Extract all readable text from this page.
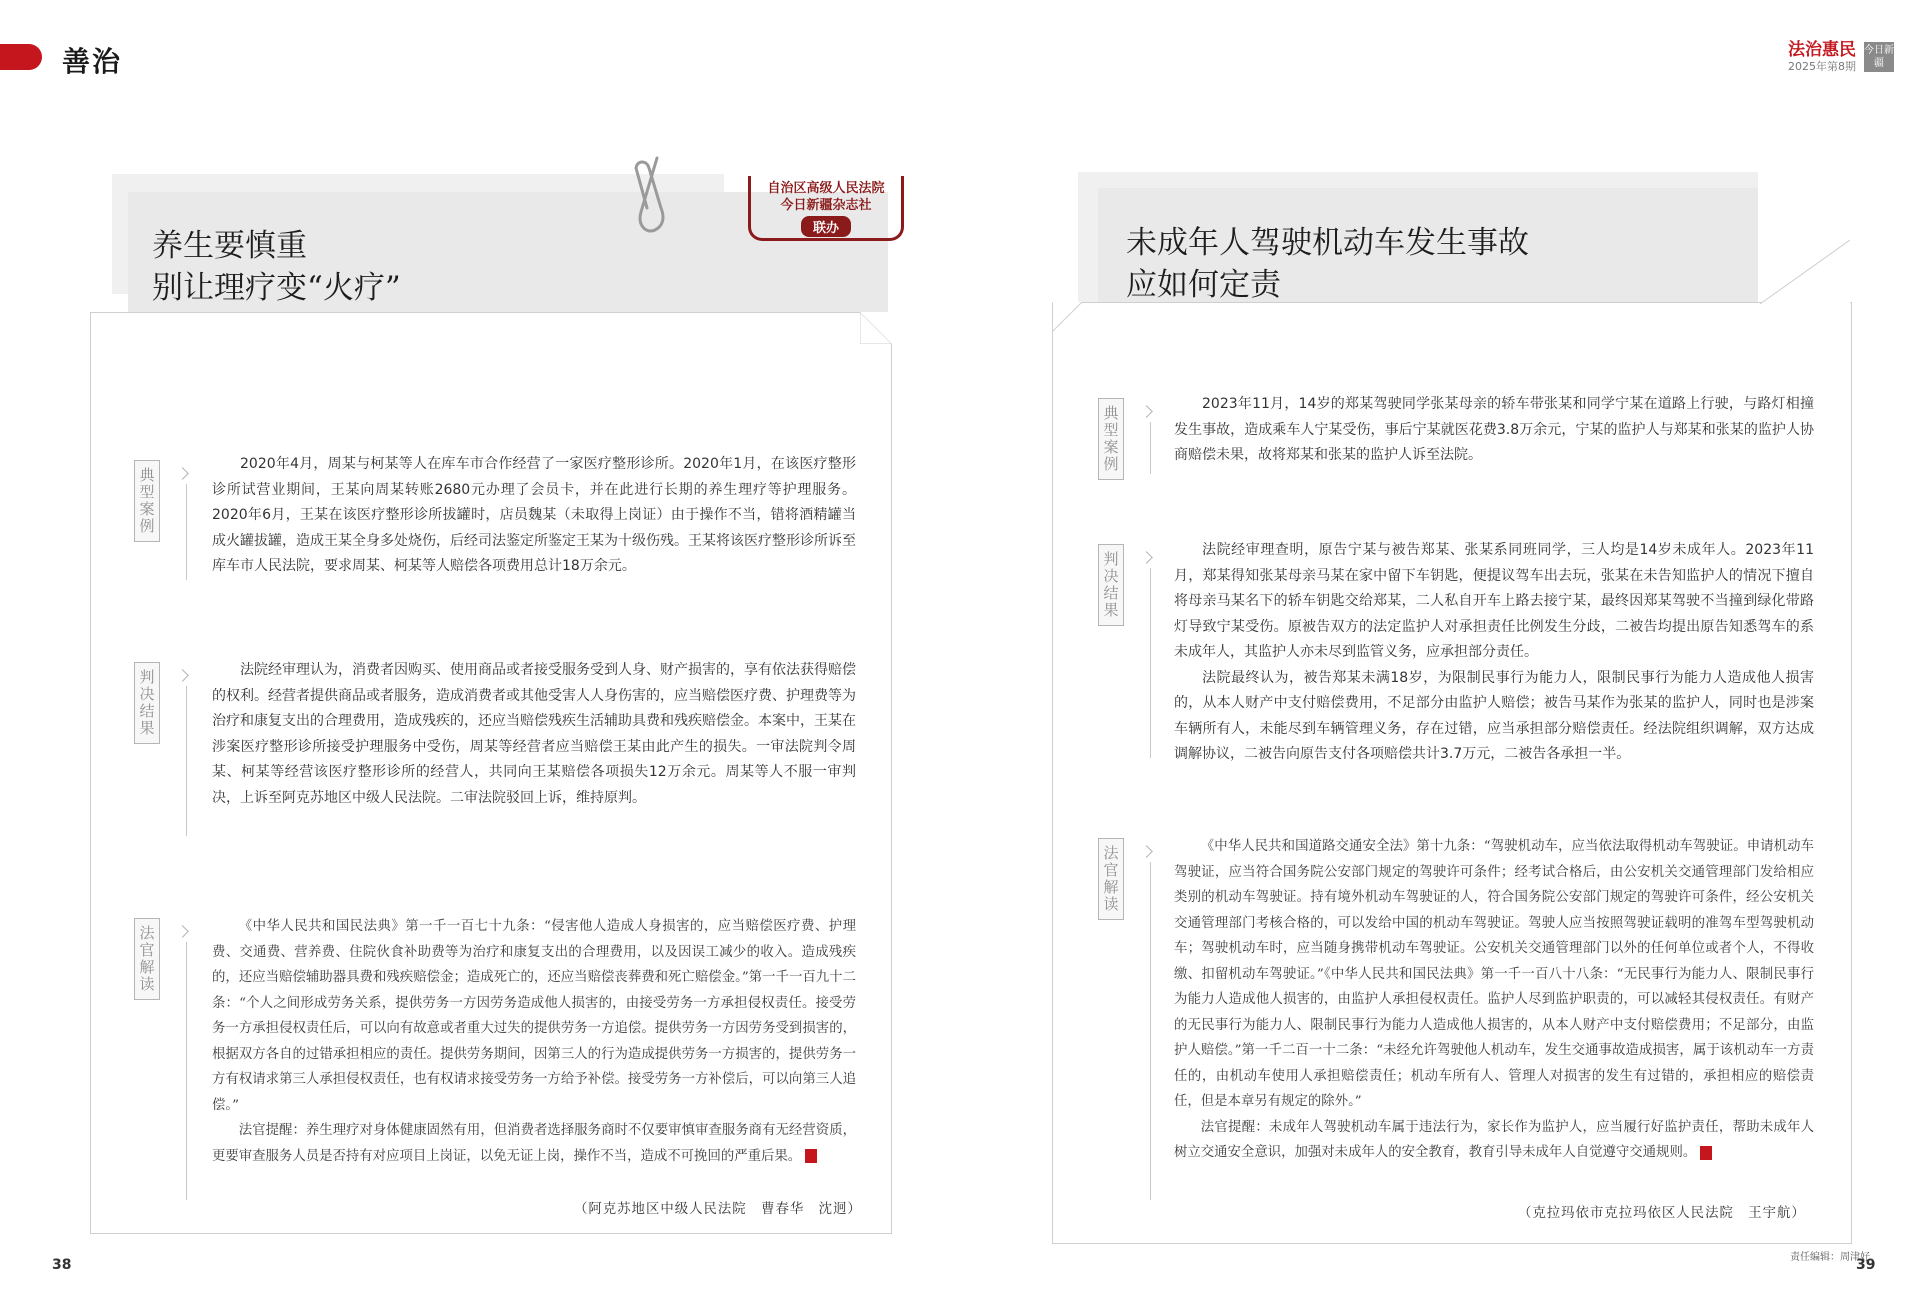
善治	法治惠民
2025年第8期
今日新疆
养生要慎重
别让理疗变“火疗”
自治区高级人民法院
今日新疆杂志社
联办
典型案例
判决结果
法官解读

2020年4月，周某与柯某等人在库车市合作经营了一家医疗整形诊所。2020年1月，在该医疗整形诊所试营业期间，王某向周某转账2680元办理了会员卡，并在此进行长期的养生理疗等护理服务。2020年6月，王某在该医疗整形诊所拔罐时，店员魏某（未取得上岗证）由于操作不当，错将酒精罐当成火罐拔罐，造成王某全身多处烧伤，后经司法鉴定所鉴定王某为十级伤残。王某将该医疗整形诊所诉至库车市人民法院，要求周某、柯某等人赔偿各项费用总计18万余元。

法院经审理认为，消费者因购买、使用商品或者接受服务受到人身、财产损害的，享有依法获得赔偿的权利。经营者提供商品或者服务，造成消费者或其他受害人人身伤害的，应当赔偿医疗费、护理费等为治疗和康复支出的合理费用，造成残疾的，还应当赔偿残疾生活辅助具费和残疾赔偿金。本案中，王某在涉案医疗整形诊所接受护理服务中受伤，周某等经营者应当赔偿王某由此产生的损失。一审法院判令周某、柯某等经营该医疗整形诊所的经营人，共同向王某赔偿各项损失12万余元。周某等人不服一审判决，上诉至阿克苏地区中级人民法院。二审法院驳回上诉，维持原判。

《中华人民共和国民法典》第一千一百七十九条：“侵害他人造成人身损害的，应当赔偿医疗费、护理费、交通费、营养费、住院伙食补助费等为治疗和康复支出的合理费用，以及因误工减少的收入。造成残疾的，还应当赔偿辅助器具费和残疾赔偿金；造成死亡的，还应当赔偿丧葬费和死亡赔偿金。”第一千一百九十二条：“个人之间形成劳务关系，提供劳务一方因劳务造成他人损害的，由接受劳务一方承担侵权责任。接受劳务一方承担侵权责任后，可以向有故意或者重大过失的提供劳务一方追偿。提供劳务一方因劳务受到损害的，根据双方各自的过错承担相应的责任。提供劳务期间，因第三人的行为造成提供劳务一方损害的，提供劳务一方有权请求第三人承担侵权责任，也有权请求接受劳务一方给予补偿。接受劳务一方补偿后，可以向第三人追偿。”

法官提醒：养生理疗对身体健康固然有用，但消费者选择服务商时不仅要审慎审查服务商有无经营资质，更要审查服务人员是否持有对应项目上岗证，以免无证上岗，操作不当，造成不可挽回的严重后果。

（阿克苏地区中级人民法院　曹春华　沈迥）
38
未成年人驾驶机动车发生事故
应如何定责
典型案例
判决结果
法官解读

2023年11月，14岁的郑某驾驶同学张某母亲的轿车带张某和同学宁某在道路上行驶，与路灯相撞发生事故，造成乘车人宁某受伤，事后宁某就医花费3.8万余元，宁某的监护人与郑某和张某的监护人协商赔偿未果，故将郑某和张某的监护人诉至法院。

法院经审理查明，原告宁某与被告郑某、张某系同班同学，三人均是14岁未成年人。2023年11月，郑某得知张某母亲马某在家中留下车钥匙，便提议驾车出去玩，张某在未告知监护人的情况下擅自将母亲马某名下的轿车钥匙交给郑某，二人私自开车上路去接宁某，最终因郑某驾驶不当撞到绿化带路灯导致宁某受伤。原被告双方的法定监护人对承担责任比例发生分歧，二被告均提出原告知悉驾车的系未成年人，其监护人亦未尽到监管义务，应承担部分责任。

法院最终认为，被告郑某未满18岁，为限制民事行为能力人，限制民事行为能力人造成他人损害的，从本人财产中支付赔偿费用，不足部分由监护人赔偿；被告马某作为张某的监护人，同时也是涉案车辆所有人，未能尽到车辆管理义务，存在过错，应当承担部分赔偿责任。经法院组织调解，双方达成调解协议，二被告向原告支付各项赔偿共计3.7万元，二被告各承担一半。

《中华人民共和国道路交通安全法》第十九条：“驾驶机动车，应当依法取得机动车驾驶证。申请机动车驾驶证，应当符合国务院公安部门规定的驾驶许可条件；经考试合格后，由公安机关交通管理部门发给相应类别的机动车驾驶证。持有境外机动车驾驶证的人，符合国务院公安部门规定的驾驶许可条件，经公安机关交通管理部门考核合格的，可以发给中国的机动车驾驶证。驾驶人应当按照驾驶证载明的准驾车型驾驶机动车；驾驶机动车时，应当随身携带机动车驾驶证。公安机关交通管理部门以外的任何单位或者个人，不得收缴、扣留机动车驾驶证。”《中华人民共和国民法典》第一千一百八十八条：“无民事行为能力人、限制民事行为能力人造成他人损害的，由监护人承担侵权责任。监护人尽到监护职责的，可以减轻其侵权责任。有财产的无民事行为能力人、限制民事行为能力人造成他人损害的，从本人财产中支付赔偿费用；不足部分，由监护人赔偿。”第一千二百一十二条：“未经允许驾驶他人机动车，发生交通事故造成损害，属于该机动车一方责任的，由机动车使用人承担赔偿责任；机动车所有人、管理人对损害的发生有过错的，承担相应的赔偿责任，但是本章另有规定的除外。”

法官提醒：未成年人驾驶机动车属于违法行为，家长作为监护人，应当履行好监护责任，帮助未成年人树立交通安全意识，加强对未成年人的安全教育，教育引导未成年人自觉遵守交通规则。

（克拉玛依市克拉玛依区人民法院　王宇航）
责任编辑：周津好
39
